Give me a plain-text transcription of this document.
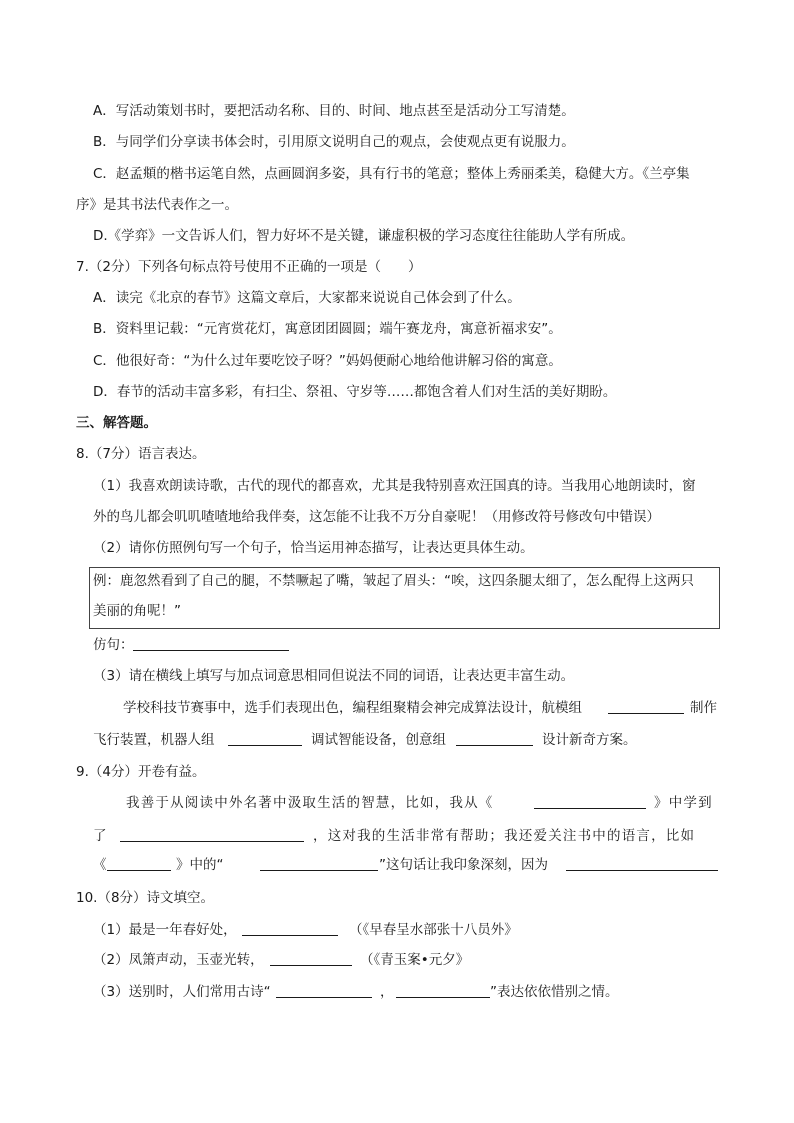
A．写活动策划书时，要把活动名称、目的、时间、地点甚至是活动分工写清楚。
B．与同学们分享读书体会时，引用原文说明自己的观点，会使观点更有说服力。
C．赵孟頫的楷书运笔自然，点画圆润多姿，具有行书的笔意；整体上秀丽柔美，稳健大方。《兰亭集
序》是其书法代表作之一。
D.《学弈》一文告诉人们，智力好坏不是关键，谦虚积极的学习态度往往能助人学有所成。
7.（2分）下列各句标点符号使用不正确的一项是（　　）
A．读完《北京的春节》这篇文章后，大家都来说说自己体会到了什么。
B．资料里记载：“元宵赏花灯，寓意团团圆圆；端午赛龙舟，寓意祈福求安”。
C．他很好奇：“为什么过年要吃饺子呀？”妈妈便耐心地给他讲解习俗的寓意。
D．春节的活动丰富多彩，有扫尘、祭祖、守岁等……都饱含着人们对生活的美好期盼。
三、解答题。
8.（7分）语言表达。
（1）我喜欢朗读诗歌，古代的现代的都喜欢，尤其是我特别喜欢汪国真的诗。当我用心地朗读时，窗
外的鸟儿都会叽叽喳喳地给我伴奏，这怎能不让我不万分自豪呢！（用修改符号修改句中错误）
（2）请你仿照例句写一个句子，恰当运用神态描写，让表达更具体生动。
例：鹿忽然看到了自己的腿，不禁噘起了嘴，皱起了眉头：“唉，这四条腿太细了，怎么配得上这两只
美丽的角呢！”
仿句：
（3）请在横线上填写与加点词意思相同但说法不同的词语，让表达更丰富生动。
学校科技节赛事中，选手们表现出色，编程组聚精会神完成算法设计，航模组	制作
飞行装置，机器人组	调试智能设备，创意组	设计新奇方案。
9.（4分）开卷有益。
我善于从阅读中外名著中汲取生活的智慧，比如，我从《	》中学到
了	，这对我的生活非常有帮助；我还爱关注书中的语言，比如
《	》中的“	”这句话让我印象深刻，因为
10.（8分）诗文填空。
（1）最是一年春好处，	（《早春呈水部张十八员外》
（2）凤箫声动，玉壶光转，	（《青玉案•元夕》
（3）送别时，人们常用古诗“	，	”表达依依惜别之情。
